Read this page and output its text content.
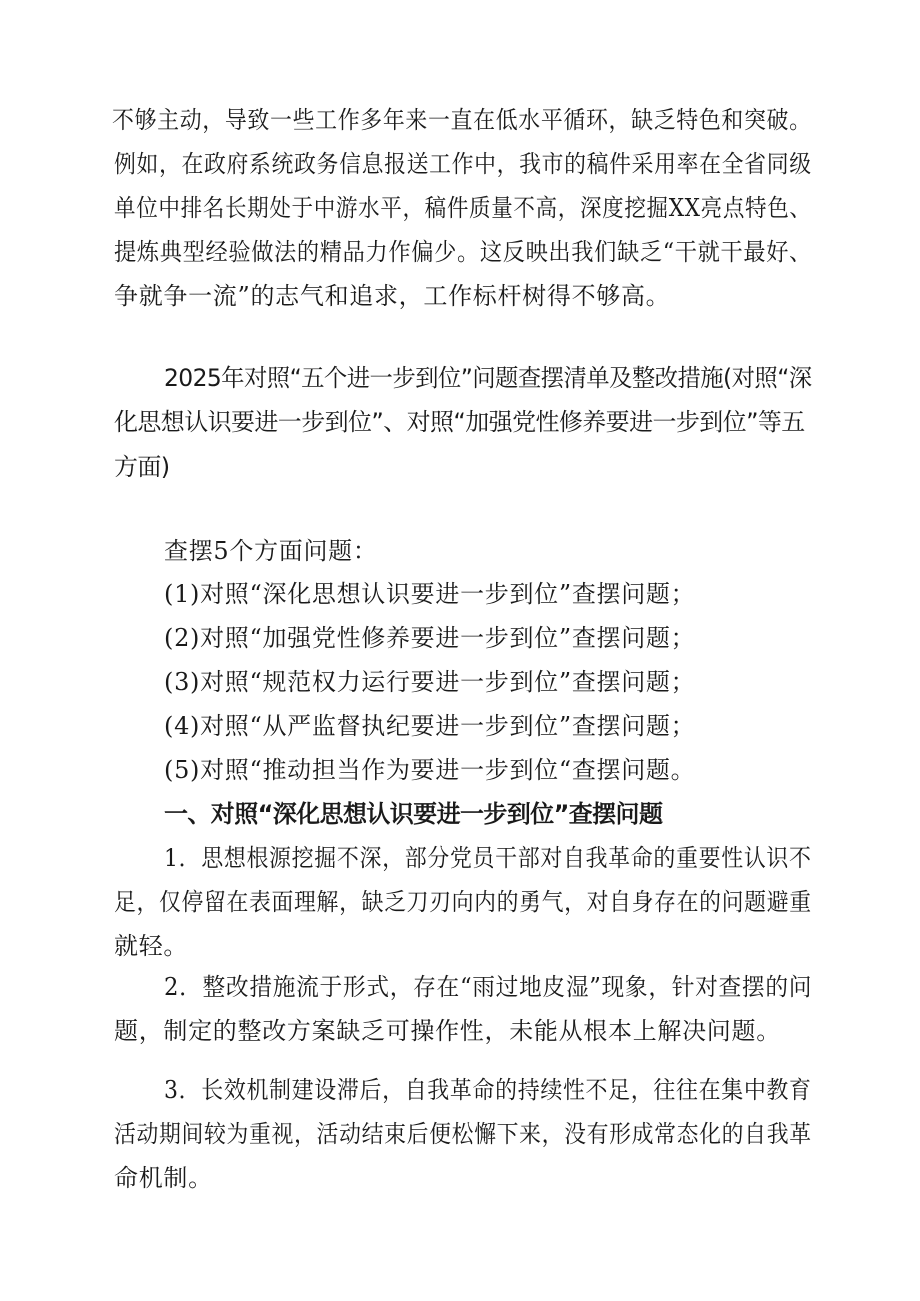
不够主动，导致一些工作多年来一直在低水平循环，缺乏特色和突破。
例如，在政府系统政务信息报送工作中，我市的稿件采用率在全省同级
单位中排名长期处于中游水平，稿件质量不高，深度挖掘XX亮点特色、
提炼典型经验做法的精品力作偏少。这反映出我们缺乏“干就干最好、
争就争一流”的志气和追求，工作标杆树得不够高。
2025年对照“五个进一步到位”问题查摆清单及整改措施(对照“深
化思想认识要进一步到位”、对照“加强党性修养要进一步到位”等五
方面)
查摆5个方面问题：
(1)对照“深化思想认识要进一步到位”查摆问题；
(2)对照“加强党性修养要进一步到位”查摆问题；
(3)对照“规范权力运行要进一步到位”查摆问题；
(4)对照“从严监督执纪要进一步到位”查摆问题；
(5)对照“推动担当作为要进一步到位“查摆问题。
一、对照“深化思想认识要进一步到位”查摆问题
1．思想根源挖掘不深，部分党员干部对自我革命的重要性认识不
足，仅停留在表面理解，缺乏刀刃向内的勇气，对自身存在的问题避重
就轻。
2．整改措施流于形式，存在“雨过地皮湿”现象，针对查摆的问
题，制定的整改方案缺乏可操作性，未能从根本上解决问题。
3．长效机制建设滞后，自我革命的持续性不足，往往在集中教育
活动期间较为重视，活动结束后便松懈下来，没有形成常态化的自我革
命机制。
